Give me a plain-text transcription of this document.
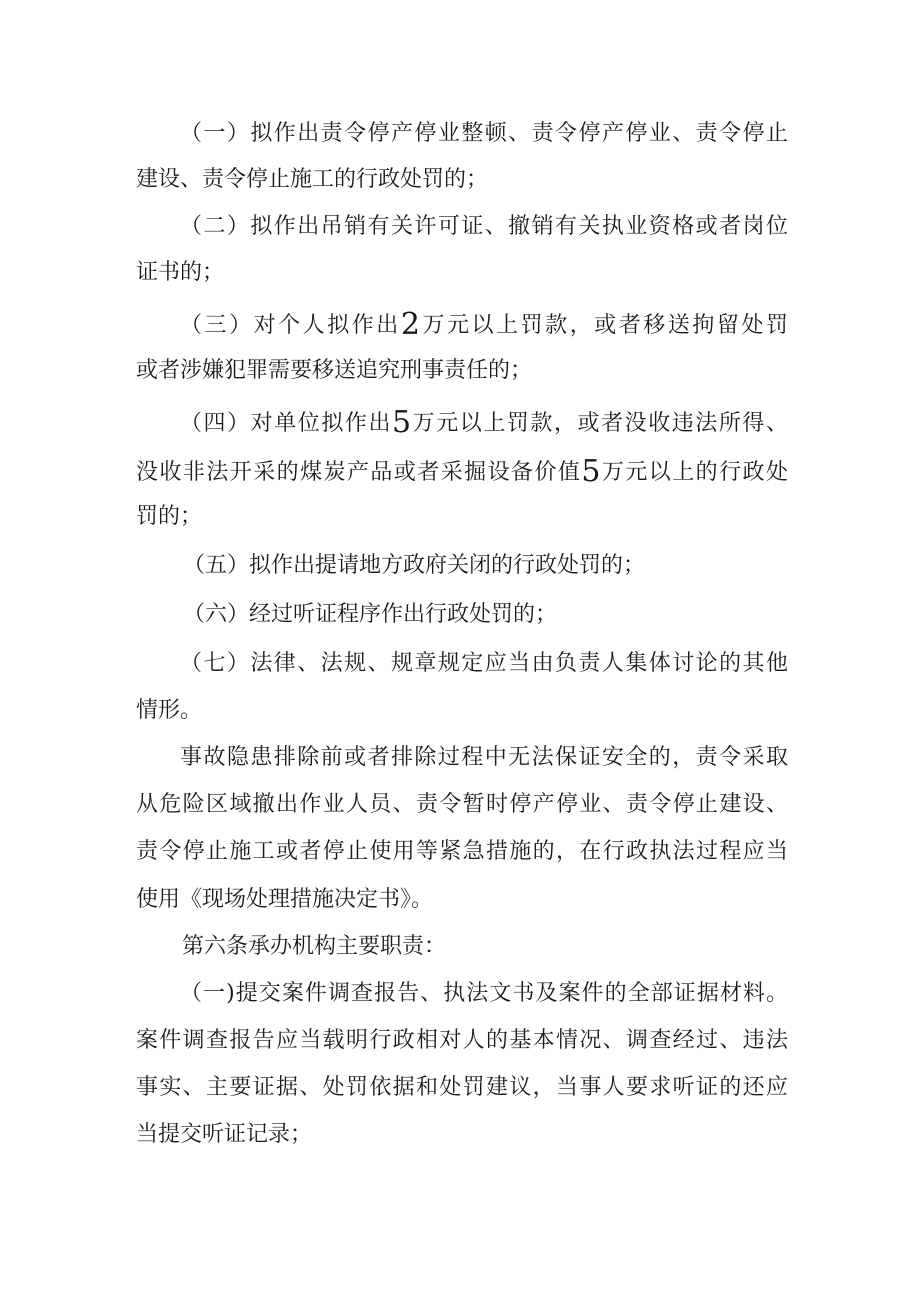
（一）拟作出责令停产停业整顿、责令停产停业、责令停止
建设、责令停止施工的行政处罚的；
（二）拟作出吊销有关许可证、撤销有关执业资格或者岗位
证书的；
（三）对个人拟作出2万元以上罚款，或者移送拘留处罚
或者涉嫌犯罪需要移送追究刑事责任的；
（四）对单位拟作出5万元以上罚款，或者没收违法所得、
没收非法开采的煤炭产品或者采掘设备价值5万元以上的行政处
罚的；
（五）拟作出提请地方政府关闭的行政处罚的；
（六）经过听证程序作出行政处罚的；
（七）法律、法规、规章规定应当由负责人集体讨论的其他
情形。
事故隐患排除前或者排除过程中无法保证安全的，责令采取
从危险区域撤出作业人员、责令暂时停产停业、责令停止建设、
责令停止施工或者停止使用等紧急措施的，在行政执法过程应当
使用《现场处理措施决定书》。
第六条承办机构主要职责：
（一)提交案件调查报告、执法文书及案件的全部证据材料。
案件调查报告应当载明行政相对人的基本情况、调查经过、违法
事实、主要证据、处罚依据和处罚建议，当事人要求听证的还应
当提交听证记录；
